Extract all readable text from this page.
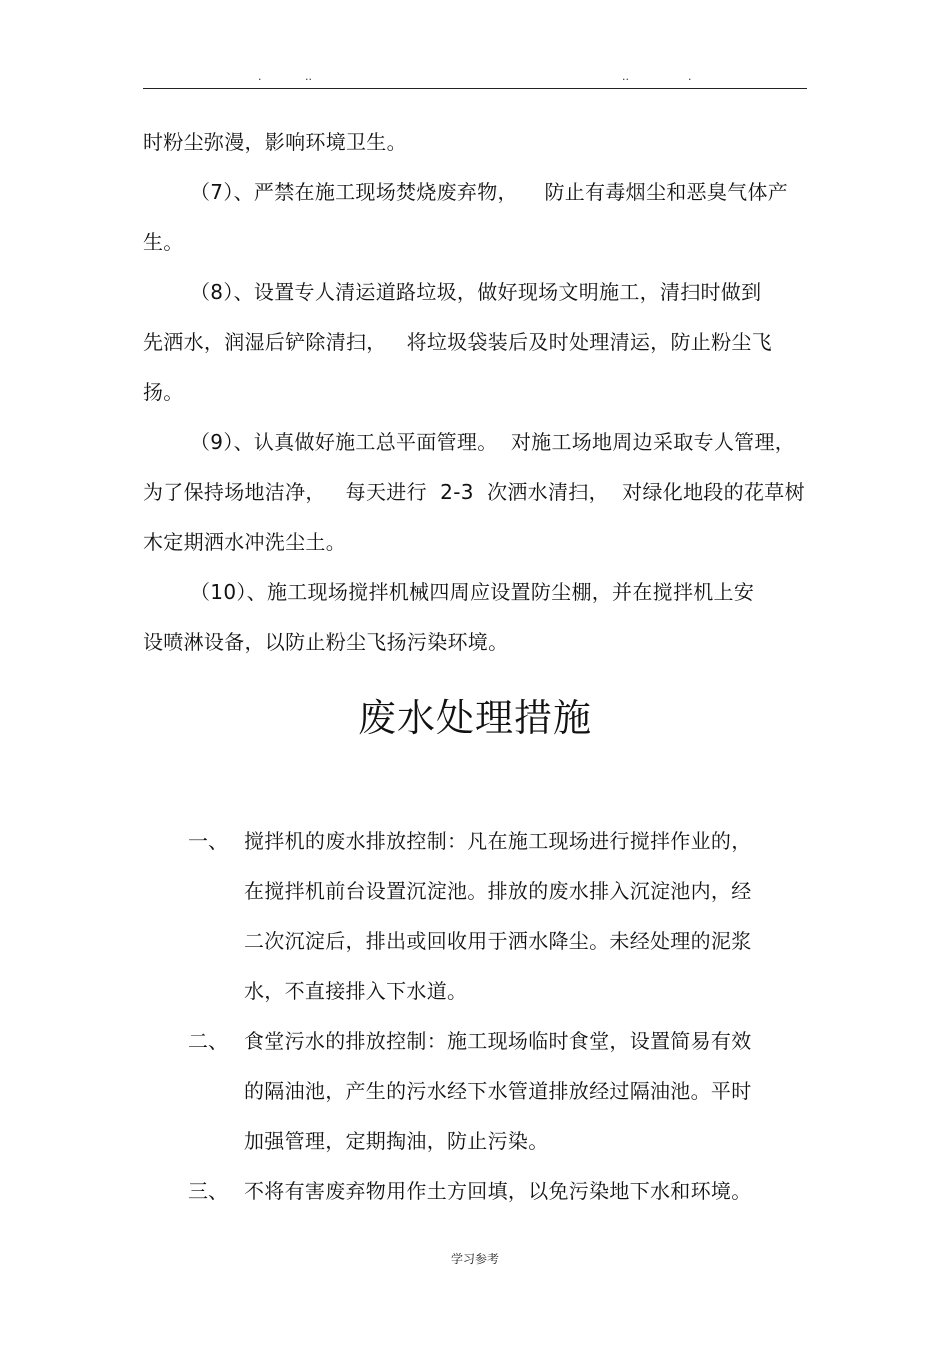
.	..	..	.
时粉尘弥漫，影响环境卫生。
（7）、严禁在施工现场焚烧废弃物，    防止有毒烟尘和恶臭气体产
生。
（8）、设置专人清运道路垃圾，做好现场文明施工，清扫时做到
先洒水，润湿后铲除清扫，   将垃圾袋装后及时处理清运，防止粉尘飞
扬。
（9）、认真做好施工总平面管理。  对施工场地周边采取专人管理，
为了保持场地洁净，   每天进行  2-3  次洒水清扫，  对绿化地段的花草树
木定期洒水冲洗尘土。
（10）、施工现场搅拌机械四周应设置防尘棚，并在搅拌机上安
设喷淋设备，以防止粉尘飞扬污染环境。
废水处理措施
一、 搅拌机的废水排放控制：凡在施工现场进行搅拌作业的，
在搅拌机前台设置沉淀池。排放的废水排入沉淀池内，经
二次沉淀后，排出或回收用于洒水降尘。未经处理的泥浆
水，不直接排入下水道。
二、 食堂污水的排放控制：施工现场临时食堂，设置简易有效
的隔油池，产生的污水经下水管道排放经过隔油池。平时
加强管理，定期掏油，防止污染。
三、 不将有害废弃物用作土方回填，以免污染地下水和环境。
学习参考
